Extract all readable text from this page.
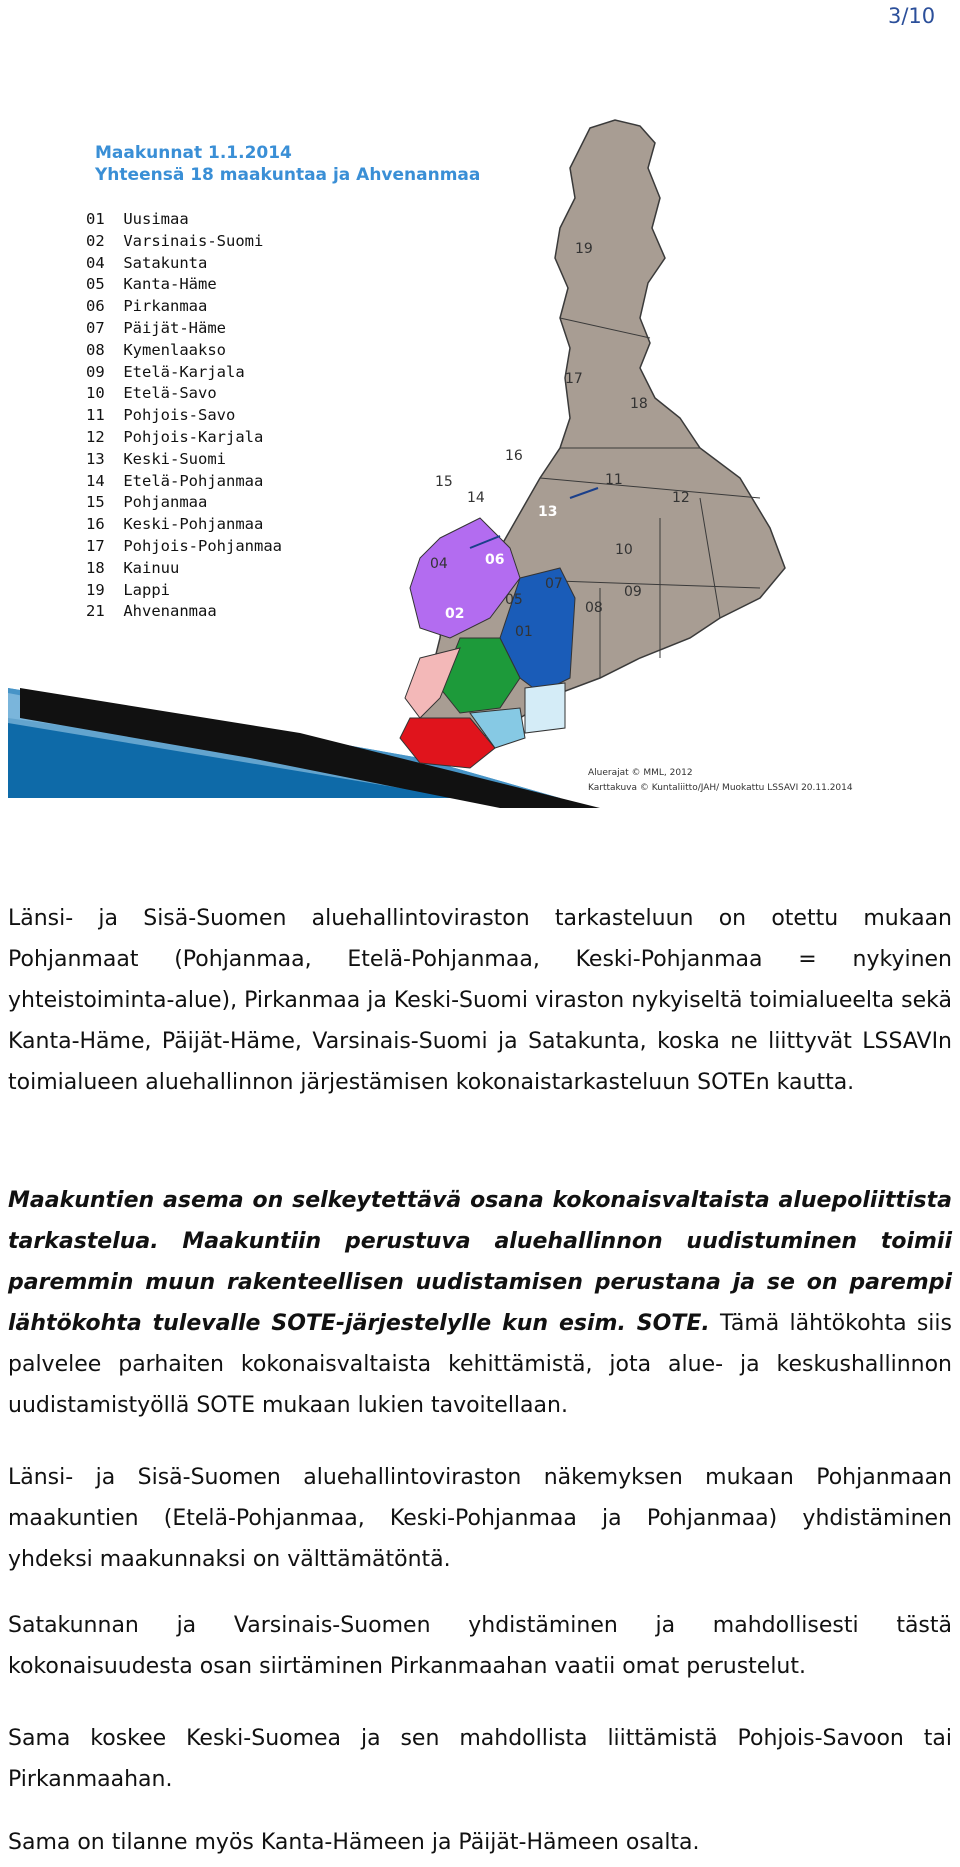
3/10
19
17
18
16
15
14
13
11
12
06
10
04
07	09
05	08
02
01
Maakunnat 1.1.2014
Yhteensä 18 maakuntaa ja Ahvenanmaa
01 Uusimaa
02 Varsinais-Suomi
04 Satakunta
05 Kanta-Häme
06 Pirkanmaa
07 Päijät-Häme
08 Kymenlaakso
09 Etelä-Karjala
10 Etelä-Savo
11 Pohjois-Savo
12 Pohjois-Karjala
13 Keski-Suomi
14 Etelä-Pohjanmaa
15 Pohjanmaa
16 Keski-Pohjanmaa
17 Pohjois-Pohjanmaa
18 Kainuu
19 Lappi
21 Ahvenanmaa
Aluerajat © MML, 2012
Karttakuva © Kuntaliitto/JAH/ Muokattu LSSAVI 20.11.2014

Länsi- ja Sisä-Suomen aluehallintoviraston tarkasteluun on otettu mukaan Pohjanmaat (Pohjanmaa, Etelä-Pohjanmaa, Keski-Pohjanmaa = nykyinen yhteistoiminta-alue), Pirkanmaa ja Keski-Suomi viraston nykyiseltä toimialueelta sekä Kanta-Häme, Päijät-Häme, Varsinais-Suomi ja Satakunta, koska ne liittyvät LSSAVIn toimialueen aluehallinnon järjestämisen kokonaistarkasteluun SOTEn kautta.

Maakuntien asema on selkeytettävä osana kokonaisvaltaista aluepoliittista tarkastelua. Maakuntiin perustuva aluehallinnon uudistuminen toimii paremmin muun rakenteellisen uudistamisen perustana ja se on parempi lähtökohta tulevalle SOTE-järjestelylle kun esim. SOTE. Tämä lähtökohta siis palvelee parhaiten kokonaisvaltaista kehittämistä, jota alue- ja keskushallinnon uudistamistyöllä SOTE mukaan lukien tavoitellaan.

Länsi- ja Sisä-Suomen aluehallintoviraston näkemyksen mukaan Pohjanmaan maakuntien (Etelä-Pohjanmaa, Keski-Pohjanmaa ja Pohjanmaa) yhdistäminen yhdeksi maakunnaksi on välttämätöntä.

Satakunnan ja Varsinais-Suomen yhdistäminen ja mahdollisesti tästä kokonaisuudesta osan siirtäminen Pirkanmaahan vaatii omat perustelut.

Sama koskee Keski-Suomea ja sen mahdollista liittämistä Pohjois-Savoon tai Pirkanmaahan.

Sama on tilanne myös Kanta-Hämeen ja Päijät-Hämeen osalta.
